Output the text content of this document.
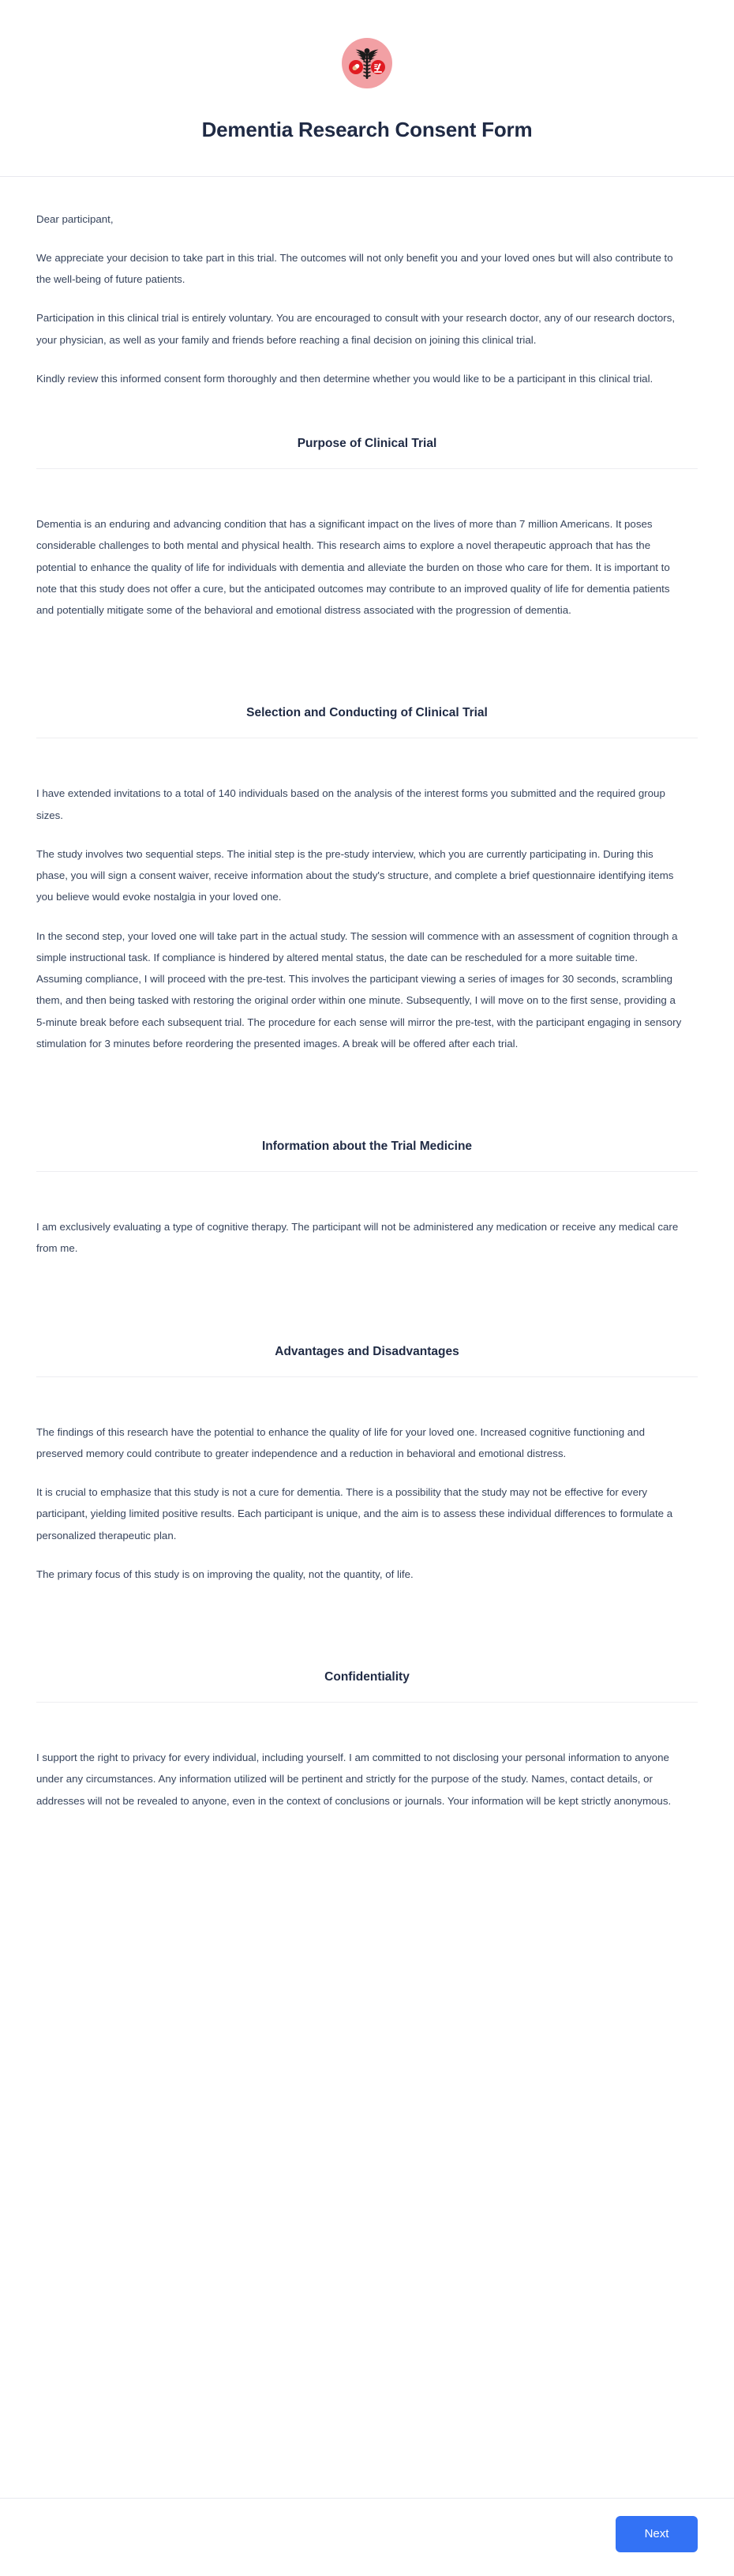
Dementia Research Consent Form

Dear participant,

We appreciate your decision to take part in this trial. The outcomes will not only benefit you and your loved ones but will also contribute to the well-being of future patients.

Participation in this clinical trial is entirely voluntary. You are encouraged to consult with your research doctor, any of our research doctors, your physician, as well as your family and friends before reaching a final decision on joining this clinical trial.

Kindly review this informed consent form thoroughly and then determine whether you would like to be a participant in this clinical trial.

Purpose of Clinical Trial

Dementia is an enduring and advancing condition that has a significant impact on the lives of more than 7 million Americans. It poses considerable challenges to both mental and physical health. This research aims to explore a novel therapeutic approach that has the potential to enhance the quality of life for individuals with dementia and alleviate the burden on those who care for them. It is important to note that this study does not offer a cure, but the anticipated outcomes may contribute to an improved quality of life for dementia patients and potentially mitigate some of the behavioral and emotional distress associated with the progression of dementia.

Selection and Conducting of Clinical Trial

I have extended invitations to a total of 140 individuals based on the analysis of the interest forms you submitted and the required group sizes.

The study involves two sequential steps. The initial step is the pre-study interview, which you are currently participating in. During this phase, you will sign a consent waiver, receive information about the study's structure, and complete a brief questionnaire identifying items you believe would evoke nostalgia in your loved one.

In the second step, your loved one will take part in the actual study. The session will commence with an assessment of cognition through a simple instructional task. If compliance is hindered by altered mental status, the date can be rescheduled for a more suitable time. Assuming compliance, I will proceed with the pre-test. This involves the participant viewing a series of images for 30 seconds, scrambling them, and then being tasked with restoring the original order within one minute. Subsequently, I will move on to the first sense, providing a 5-minute break before each subsequent trial. The procedure for each sense will mirror the pre-test, with the participant engaging in sensory stimulation for 3 minutes before reordering the presented images. A break will be offered after each trial.

Information about the Trial Medicine

I am exclusively evaluating a type of cognitive therapy. The participant will not be administered any medication or receive any medical care from me.

Advantages and Disadvantages

The findings of this research have the potential to enhance the quality of life for your loved one. Increased cognitive functioning and preserved memory could contribute to greater independence and a reduction in behavioral and emotional distress.

It is crucial to emphasize that this study is not a cure for dementia. There is a possibility that the study may not be effective for every participant, yielding limited positive results. Each participant is unique, and the aim is to assess these individual differences to formulate a personalized therapeutic plan.

The primary focus of this study is on improving the quality, not the quantity, of life.

Confidentiality

I support the right to privacy for every individual, including yourself. I am committed to not disclosing your personal information to anyone under any circumstances. Any information utilized will be pertinent and strictly for the purpose of the study. Names, contact details, or addresses will not be revealed to anyone, even in the context of conclusions or journals. Your information will be kept strictly anonymous.

Next
